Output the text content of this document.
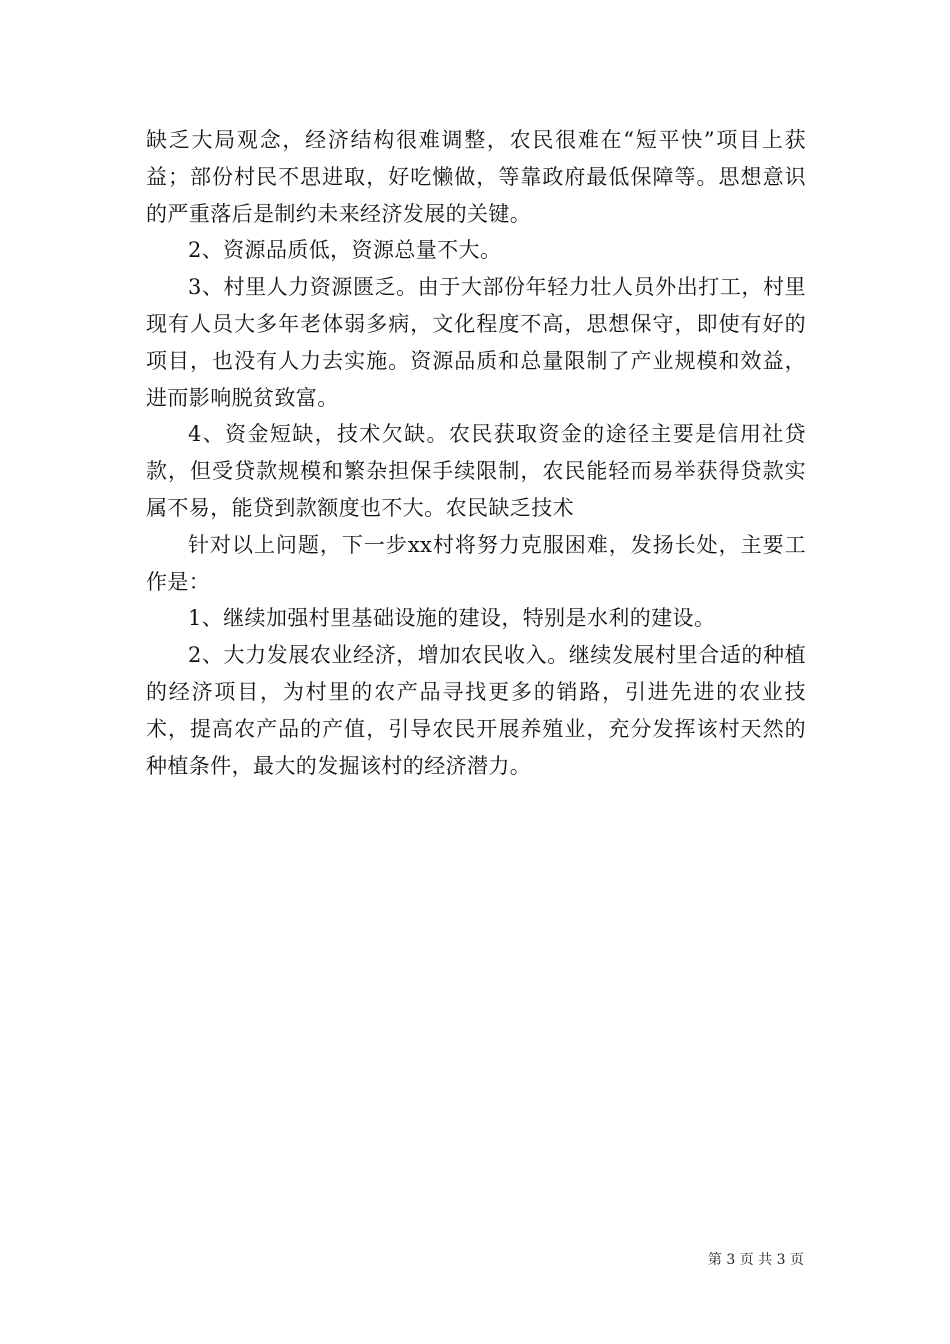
缺乏大局观念，经济结构很难调整，农民很难在“短平快”项目上获益；部份村民不思进取，好吃懒做，等靠政府最低保障等。思想意识的严重落后是制约未来经济发展的关键。

2、资源品质低，资源总量不大。

3、村里人力资源匮乏。由于大部份年轻力壮人员外出打工，村里现有人员大多年老体弱多病，文化程度不高，思想保守，即使有好的项目，也没有人力去实施。资源品质和总量限制了产业规模和效益，进而影响脱贫致富。

4、资金短缺，技术欠缺。农民获取资金的途径主要是信用社贷款，但受贷款规模和繁杂担保手续限制，农民能轻而易举获得贷款实属不易，能贷到款额度也不大。农民缺乏技术

针对以上问题，下一步xx村将努力克服困难，发扬长处，主要工作是：

1、继续加强村里基础设施的建设，特别是水利的建设。

2、大力发展农业经济，增加农民收入。继续发展村里合适的种植的经济项目，为村里的农产品寻找更多的销路，引进先进的农业技术，提高农产品的产值，引导农民开展养殖业，充分发挥该村天然的种植条件，最大的发掘该村的经济潜力。

第 3 页 共 3 页
